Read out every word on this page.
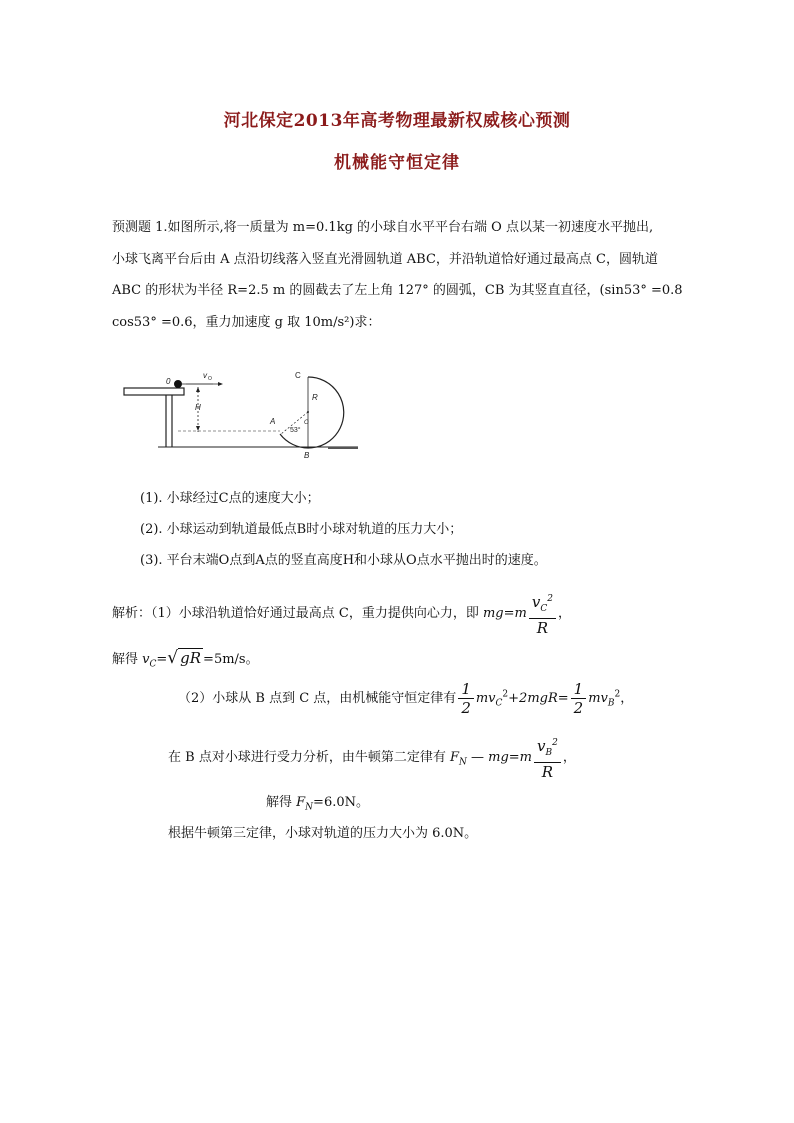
河北保定2013年高考物理最新权威核心预测
机械能守恒定律
预测题 1.如图所示,将一质量为 m=0.1kg 的小球自水平平台右端 O 点以某一初速度水平抛出,
小球飞离平台后由 A 点沿切线落入竖直光滑圆轨道 ABC，并沿轨道恰好通过最高点 C，圆轨道
ABC 的形状为半径 R=2.5 m 的圆截去了左上角 127° 的圆弧，CB 为其竖直直径，(sin53° =0.8
cos53° =0.6，重力加速度 g 取 10m/s²)求：
0
v O
H
A
C
R
B
53°
O
(1). 小球经过C点的速度大小；
(2). 小球运动到轨道最低点B时小球对轨道的压力大小；
(3). 平台末端O点到A点的竖直高度H和小球从O点水平抛出时的速度。
解析：（1）小球沿轨道恰好通过最高点 C，重力提供向心力，即 $mg=m \frac{v_C^2}{R}$ ，
解得 $v_C=√$ gR =5m/s。
（2）小球从 B 点到 C 点，由机械能守恒定律有 $\frac{1}{2} mv_C^2+2mgR= \frac{1}{2} mv_B^2$，
在 B 点对小球进行受力分析，由牛顿第二定律有 $F_N$ — $mg=m \frac{v_B^2}{R}$ ，
解得 $F_N=6.0N$。
根据牛顿第三定律，小球对轨道的压力大小为 6.0N。
